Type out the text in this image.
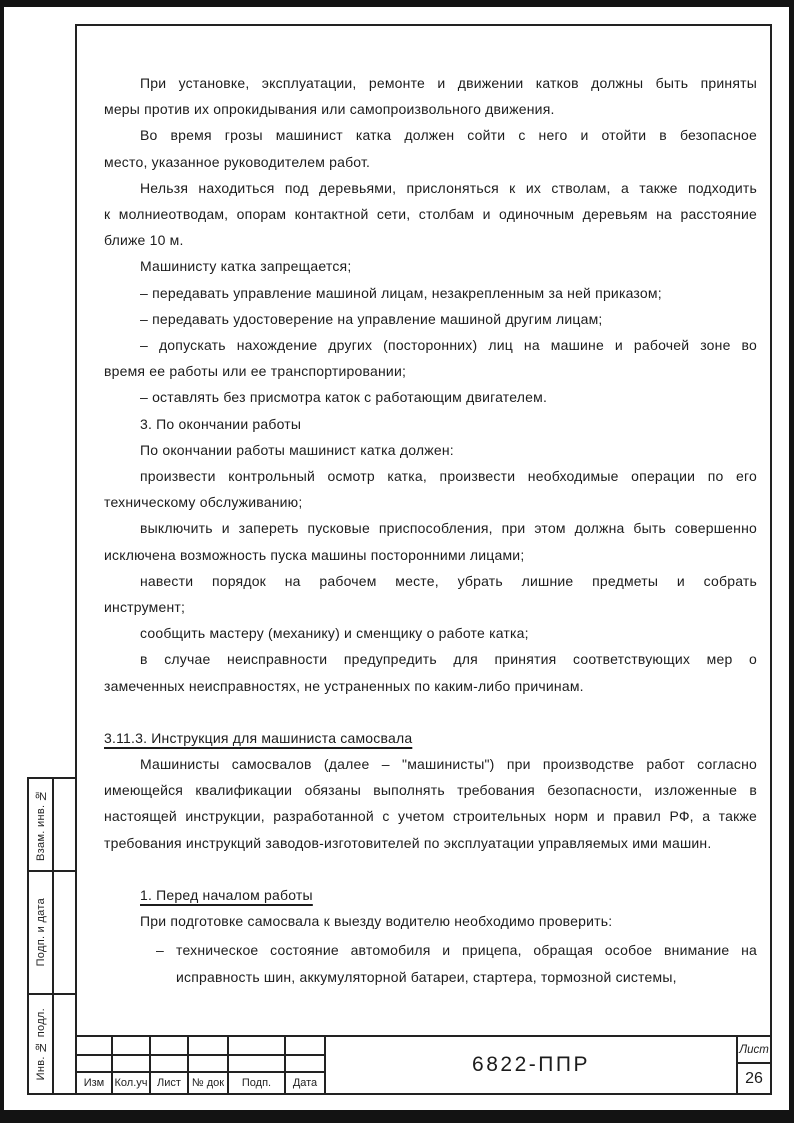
При установке, эксплуатации, ремонте и движении катков должны быть приняты
меры против их опрокидывания или самопроизвольного движения.
Во время грозы машинист катка должен сойти с него и отойти в безопасное
место, указанное руководителем работ.
Нельзя находиться под деревьями, прислоняться к их стволам, а также подходить
к молниеотводам, опорам контактной сети, столбам и одиночным деревьям на расстояние
ближе 10 м.
Машинисту катка запрещается;
– передавать управление машиной лицам, незакрепленным за ней приказом;
– передавать удостоверение на управление машиной другим лицам;
– допускать нахождение других (посторонних) лиц на машине и рабочей зоне во
время ее работы или ее транспортировании;
– оставлять без присмотра каток с работающим двигателем.
3. По окончании работы
По окончании работы машинист катка должен:
произвести контрольный осмотр катка, произвести необходимые операции по его
техническому обслуживанию;
выключить и запереть пусковые приспособления, при этом должна быть совершенно
исключена возможность пуска машины посторонними лицами;
навести порядок на рабочем месте, убрать лишние предметы и собрать
инструмент;
сообщить мастеру (механику) и сменщику о работе катка;
в случае неисправности предупредить для принятия соответствующих мер о
замеченных неисправностях, не устраненных по каким-либо причинам.
3.11.3. Инструкция для машиниста самосвала
Машинисты самосвалов (далее – "машинисты") при производстве работ согласно
имеющейся квалификации обязаны выполнять требования безопасности, изложенные в
настоящей инструкции, разработанной с учетом строительных норм и правил РФ, а также
требования инструкций заводов-изготовителей по эксплуатации управляемых ими машин.
1. Перед началом работы
При подготовке самосвала к выезду водителю необходимо проверить:
– техническое состояние автомобиля и прицепа, обращая особое внимание на
исправность шин, аккумуляторной батареи, стартера, тормозной системы,
Взам. инв. №
Подп. и дата
Инв. № подл.	6822-ППР
Лист
26
Изм Кол.уч Лист № док	Подп.	Дата
